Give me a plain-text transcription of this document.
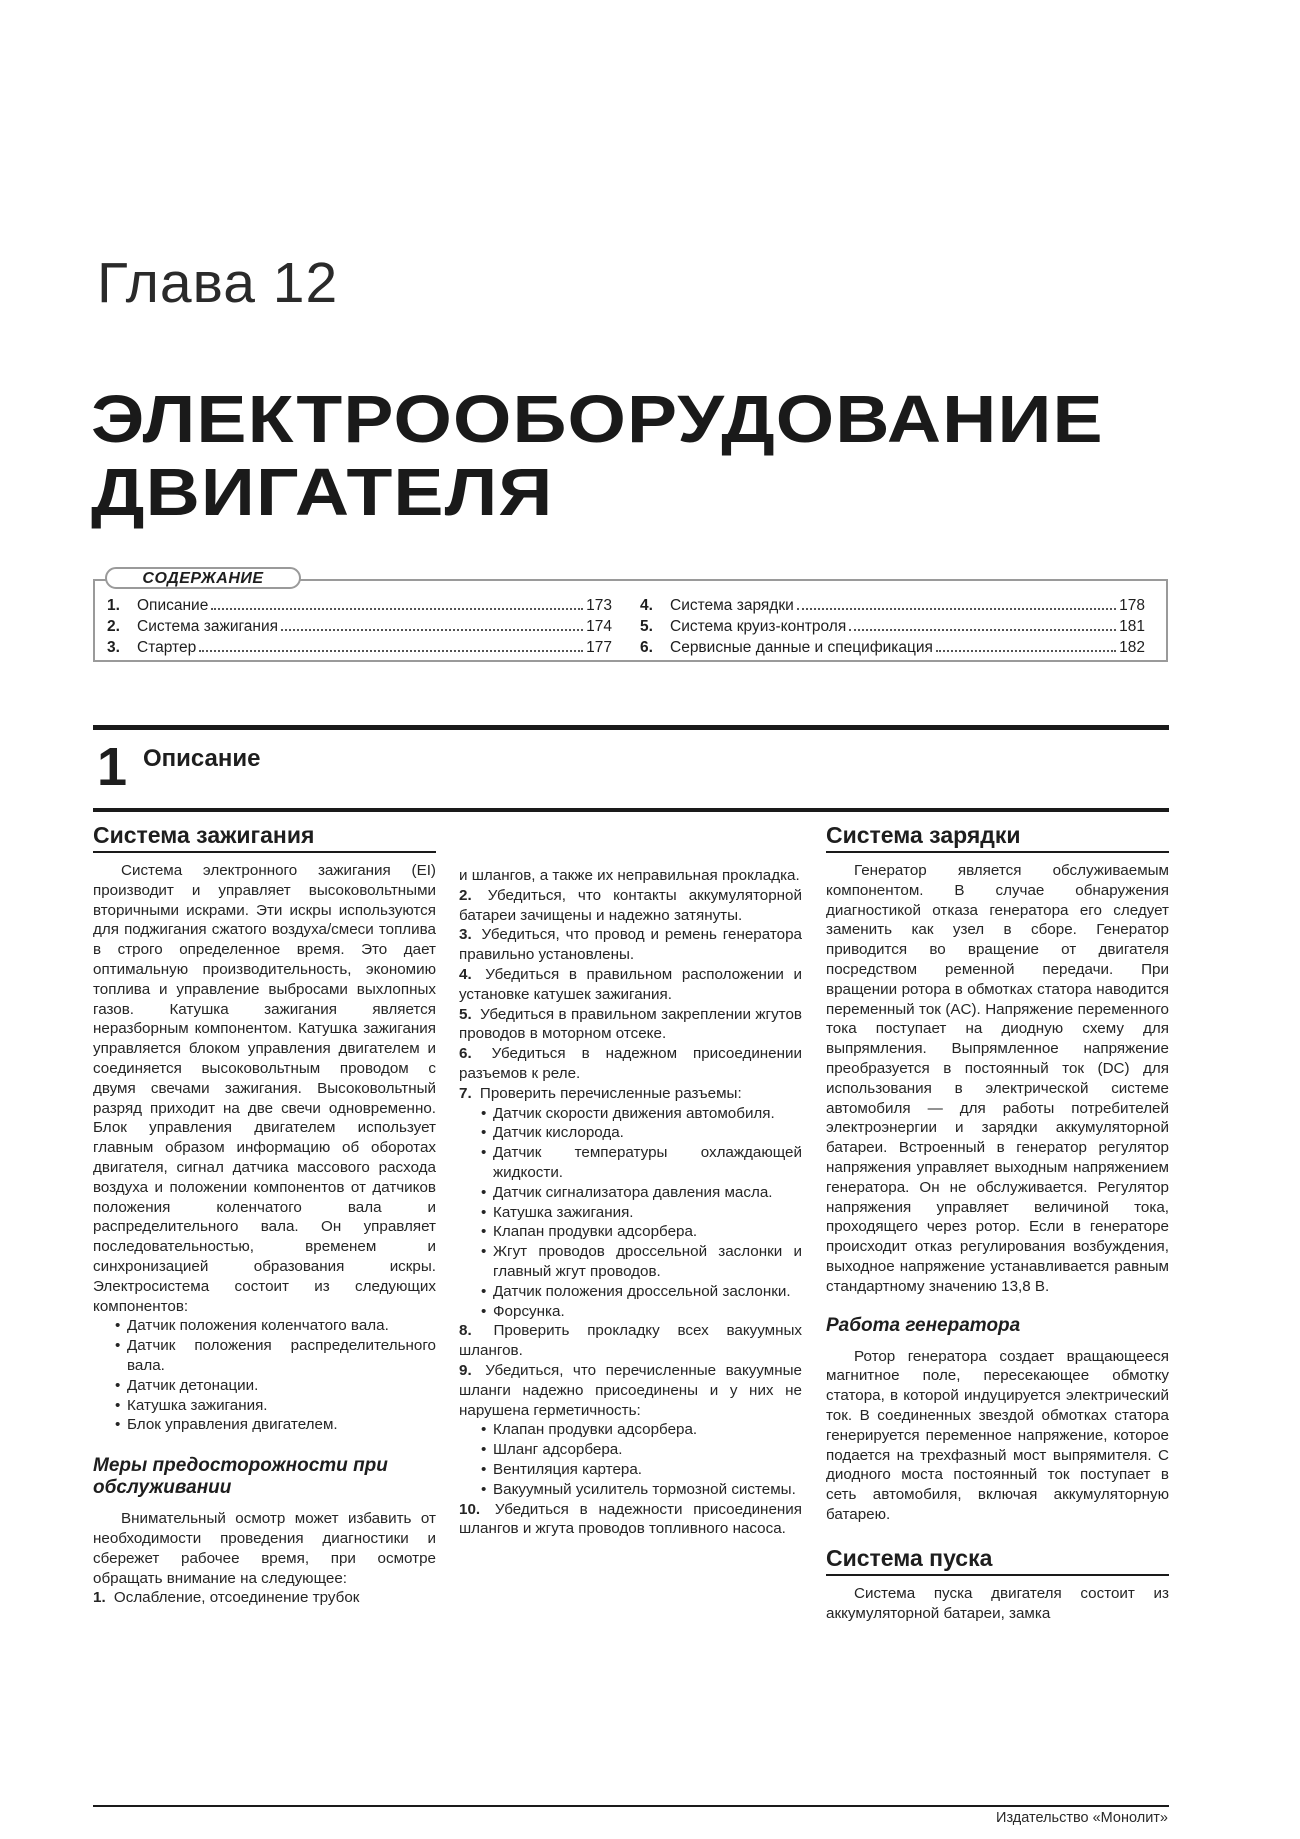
Глава 12
ЭЛЕКТРООБОРУДОВАНИЕ
ДВИГАТЕЛЯ
1.	Описание	173
2.	Система зажигания	174
3.	Стартер	177
4.	Система зарядки	178
5.	Система круиз-контроля	181
6.	Сервисные данные и спецификация	182
СОДЕРЖАНИЕ
1 Описание
Система зажигания

Система электронного зажигания (EI) производит и управляет высоковольтными вторичными искрами. Эти искры используются для поджигания сжатого воздуха/смеси топлива в строго определенное время. Это дает оптимальную производительность, экономию топлива и управление выбросами выхлопных газов. Катушка зажигания является неразборным компонентом. Катушка зажигания управляется блоком управления двигателем и соединяется высоковольтным проводом с двумя свечами зажигания. Высоковольтный разряд приходит на две свечи одновременно. Блок управления двигателем использует главным образом информацию об оборотах двигателя, сигнал датчика массового расхода воздуха и положении компонентов от датчиков положения коленчатого вала и распределительного вала. Он управляет последовательностью, временем и синхронизацией образования искры. Электросистема состоит из следующих компонентов:

• Датчик положения коленчатого вала.

• Датчик положения распределительного вала.

• Датчик детонации.

• Катушка зажигания.

• Блок управления двигателем.

Меры предосторожности при обслуживании

Внимательный осмотр может избавить от необходимости проведения диагностики и сбережет рабочее время, при осмотре обращать внимание на следующее:

1. Ослабление, отсоединение трубок

и шлангов, а также их неправильная прокладка.

2. Убедиться, что контакты аккумуляторной батареи зачищены и надежно затянуты.

3. Убедиться, что провод и ремень генератора правильно установлены.

4. Убедиться в правильном расположении и установке катушек зажигания.

5. Убедиться в правильном закреплении жгутов проводов в моторном отсеке.

6. Убедиться в надежном присоединении разъемов к реле.

7. Проверить перечисленные разъемы:

• Датчик скорости движения автомобиля.

• Датчик кислорода.

• Датчик температуры охлаждающей жидкости.

• Датчик сигнализатора давления масла.

• Катушка зажигания.

• Клапан продувки адсорбера.

• Жгут проводов дроссельной заслонки и главный жгут проводов.

• Датчик положения дроссельной заслонки.

• Форсунка.

8. Проверить прокладку всех вакуумных шлангов.

9. Убедиться, что перечисленные вакуумные шланги надежно присоединены и у них не нарушена герметичность:

• Клапан продувки адсорбера.

• Шланг адсорбера.

• Вентиляция картера.

• Вакуумный усилитель тормозной системы.

10. Убедиться в надежности присоединения шлангов и жгута проводов топливного насоса.

Система зарядки

Генератор является обслуживаемым компонентом. В случае обнаружения диагностикой отказа генератора его следует заменить как узел в сборе. Генератор приводится во вращение от двигателя посредством ременной передачи. При вращении ротора в обмотках статора наводится переменный ток (AC). Напряжение переменного тока поступает на диодную схему для выпрямления. Выпрямленное напряжение преобразуется в постоянный ток (DC) для использования в электрической системе автомобиля — для работы потребителей электроэнергии и зарядки аккумуляторной батареи. Встроенный в генератор регулятор напряжения управляет выходным напряжением генератора. Он не обслуживается. Регулятор напряжения управляет величиной тока, проходящего через ротор. Если в генераторе происходит отказ регулирования возбуждения, выходное напряжение устанавливается равным стандартному значению 13,8 В.

Работа генератора

Ротор генератора создает вращающееся магнитное поле, пересекающее обмотку статора, в которой индуцируется электрический ток. В соединенных звездой обмотках статора генерируется переменное напряжение, которое подается на трехфазный мост выпрямителя. С диодного моста постоянный ток поступает в сеть автомобиля, включая аккумуляторную батарею.

Система пуска

Система пуска двигателя состоит из аккумуляторной батареи, замка

Издательство «Монолит»
